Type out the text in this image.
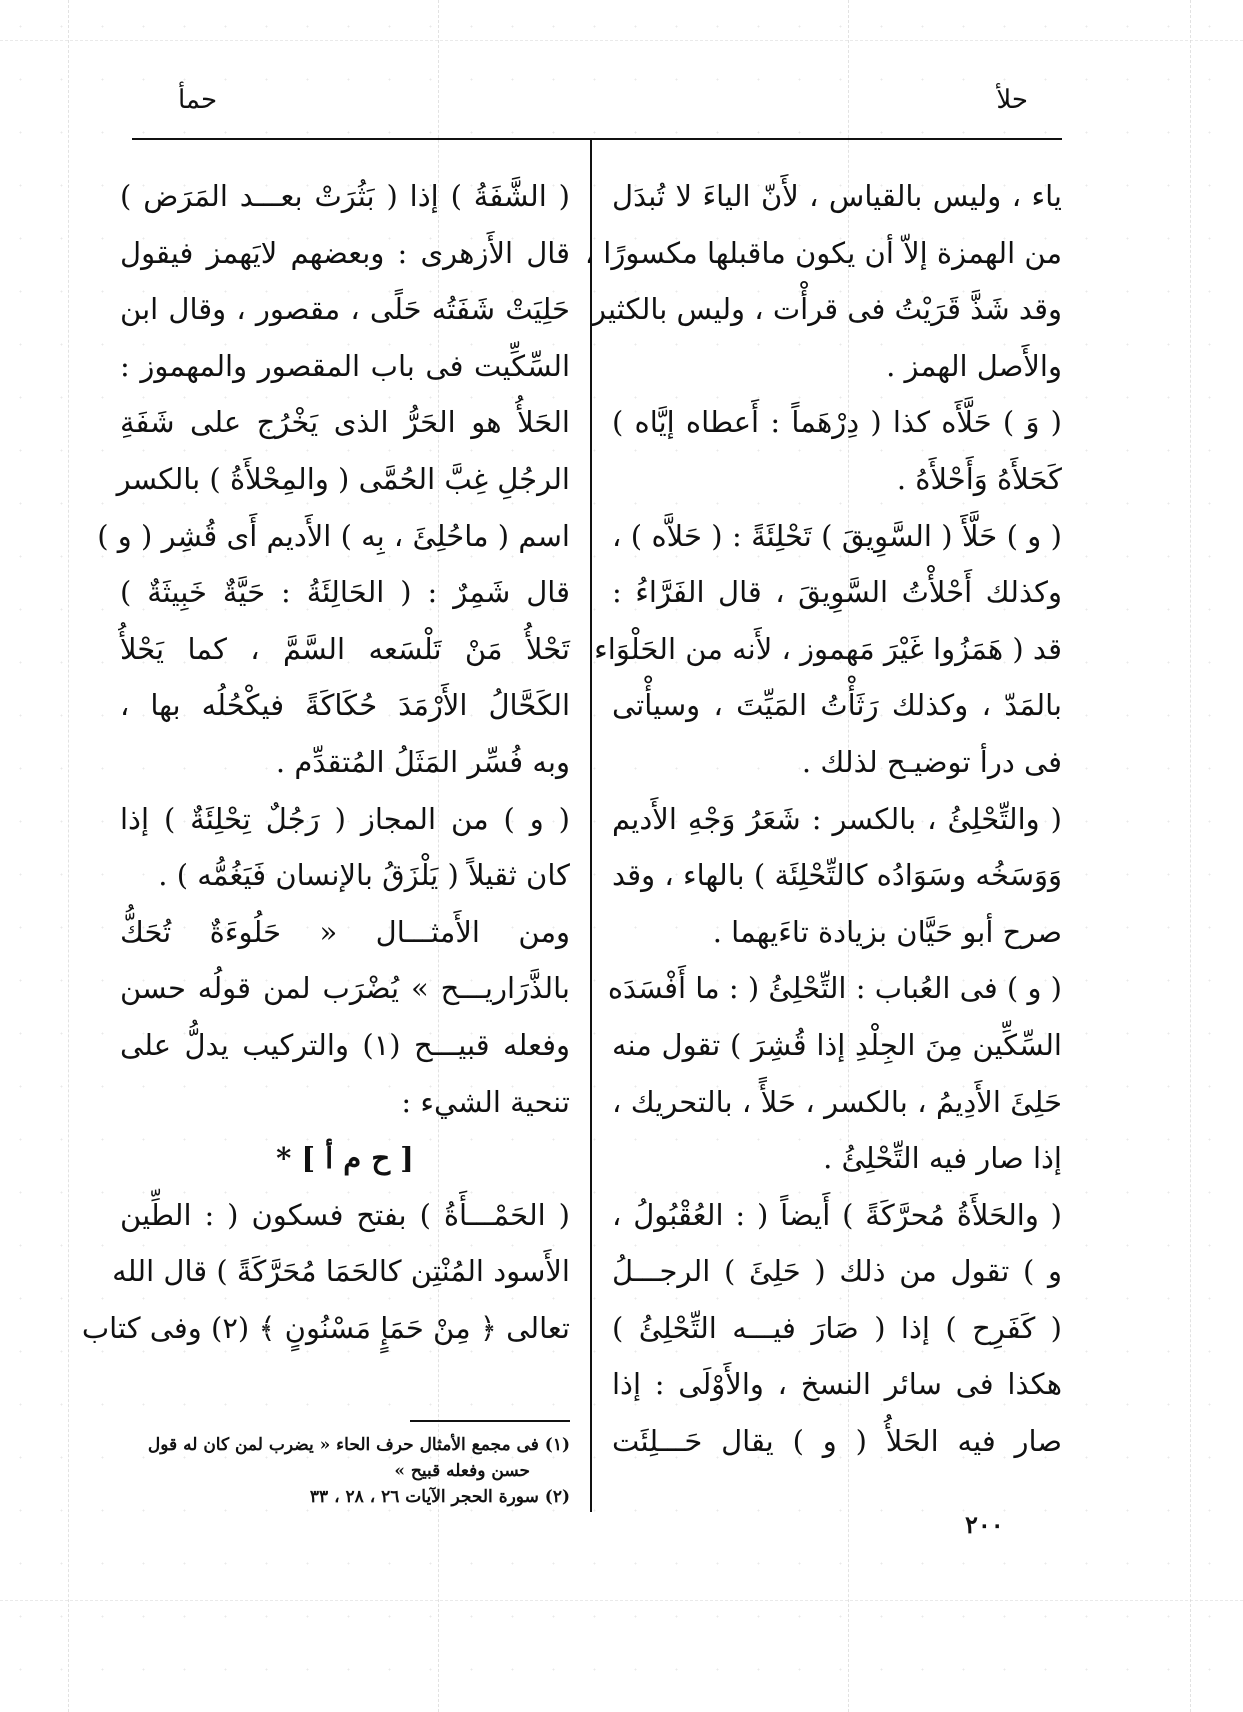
حلأ
حمأ
ياء ، وليس بالقياس ، لأَنّ الياءَ لا تُبدَل
من الهمزة إلاّ أن يكون ماقبلها مكسورًا ،
وقد شَذَّ قَرَيْتُ فى قرأْت ، وليس بالكثير
والأَصل الهمز .
( وَ ) حَلَّأَه كذا ( دِرْهَماً : أَعطاه إيَّاه )
كَحَلأَهُ وَأَحْلأَهُ .
( و ) حَلَّأَ ( السَّوِيقَ ) تَحْلِئَةً : ( حَلاَّه ) ،
وكذلك أَحْلأْتُ السَّوِيقَ ، قال الفَرَّاءُ :
قد ( هَمَزُوا غَيْرَ مَهموز ، لأَنه من الحَلْوَاء
بالمَدّ ، وكذلك رَثَأْتُ المَيِّتَ ، وسيأْتى
فى درأ توضيـح لذلك .
( والتِّحْلِئُ ، بالكسر : شَعَرُ وَجْهِ الأَديم
وَوَسَخُه وسَوَادُه كالتِّحْلِئَة ) بالهاء ، وقد
صرح أبو حَيَّان بزيادة تاءَيهما .
( و ) فى العُباب : التِّحْلِئُ ( : ما أَفْسَدَه
السِّكِّين مِنَ الجِلْدِ إذا قُشِرَ ) تقول منه
حَلِئَ الأَدِيمُ ، بالكسر ، حَلأً ، بالتحريك ،
إذا صار فيه التِّحْلِئُ .
( والحَلأَةُ مُحرَّكَةً ) أَيضاً ( : العُقْبُولُ ،
و ) تقول من ذلك ( حَلِئَ ) الرجـــلُ
( كَفَرِح ) إذا ( صَارَ فيـــه التِّحْلِئُ )
هكذا فى سائر النسخ ، والأَوْلَى : إذا
صار فيه الحَلأُ ( و ) يقال حَـــلِئَت
( الشَّفَةُ ) إذا ( بَثُرَتْ بعـــد المَرَض )
قال الأَزهرى : وبعضهم لايَهمز فيقول
حَلِيَتْ شَفَتُه حَلًى ، مقصور ، وقال ابن
السِّكِّيت فى باب المقصور والمهموز :
الحَلأُ هو الحَرُّ الذى يَخْرُج على شَفَةِ
الرجُلِ غِبَّ الحُمَّى ( والمِحْلأَةُ ) بالكسر
اسم ( ماحُلِئَ ، بِه ) الأَديم أَى قُشِر ( و )
قال شَمِرٌ : ( الحَالِئَةُ : حَيَّةٌ خَبِيثَةٌ )
تَحْلأُ مَنْ تَلْسَعه السَّمَّ ، كما يَحْلأُ
الكَحَّالُ الأَرْمَدَ حُكَاكَةً فيكْحُلُه بها ،
وبه فُسِّر المَثَلُ المُتقدِّم .
( و ) من المجاز ( رَجُلٌ تِحْلِئَةٌ ) إذا
كان ثقيلاً ( يَلْزَقُ بالإنسان فَيَغُمُّه ) .
ومن الأَمثـــال « حَلُوءَةٌ تُحَكُّ
بالذَّرَاريـــح » يُضْرَب لمن قولُه حسن
وفعله قبيـــح (١) والتركيب يدلُّ على
تنحية الشيء :
[ ح م أ ] *
( الحَمْـــأَةُ ) بفتح فسكون ( : الطِّين
الأَسود المُنْتِن كالحَمَا مُحَرَّكَةً ) قال الله
تعالى ﴿ مِنْ حَمَإٍ مَسْنُونٍ ﴾ (٢) وفى كتاب
(١) فى مجمع الأمثال حرف الحاء « يضرب لمن كان له قول
حسن وفعله قبيح »
(٢) سورة الحجر الآيات ٢٦ ، ٢٨ ، ٣٣
٢٠٠
